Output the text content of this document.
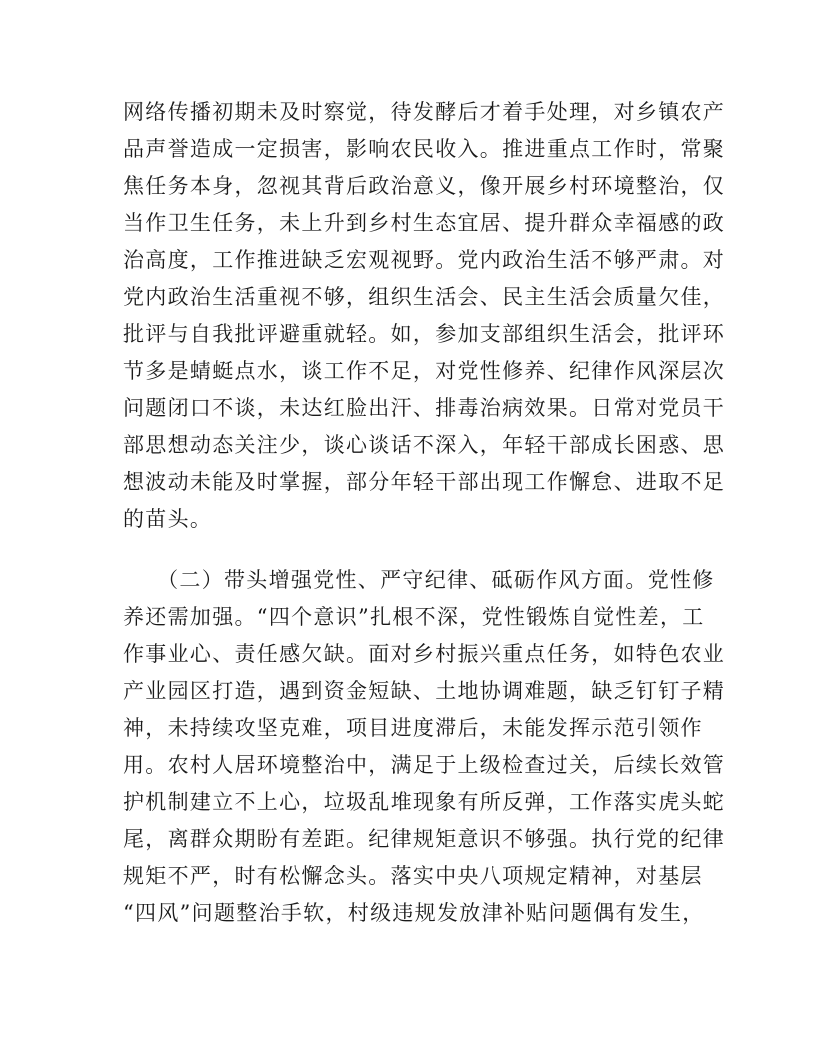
网络传播初期未及时察觉，待发酵后才着手处理，对乡镇农产
品声誉造成一定损害，影响农民收入。推进重点工作时，常聚
焦任务本身，忽视其背后政治意义，像开展乡村环境整治，仅
当作卫生任务，未上升到乡村生态宜居、提升群众幸福感的政
治高度，工作推进缺乏宏观视野。党内政治生活不够严肃。对
党内政治生活重视不够，组织生活会、民主生活会质量欠佳，
批评与自我批评避重就轻。如，参加支部组织生活会，批评环
节多是蜻蜓点水，谈工作不足，对党性修养、纪律作风深层次
问题闭口不谈，未达红脸出汗、排毒治病效果。日常对党员干
部思想动态关注少，谈心谈话不深入，年轻干部成长困惑、思
想波动未能及时掌握，部分年轻干部出现工作懈怠、进取不足
的苗头。
　　（二）带头增强党性、严守纪律、砥砺作风方面。党性修
养还需加强。“四个意识”扎根不深，党性锻炼自觉性差，工
作事业心、责任感欠缺。面对乡村振兴重点任务，如特色农业
产业园区打造，遇到资金短缺、土地协调难题，缺乏钉钉子精
神，未持续攻坚克难，项目进度滞后，未能发挥示范引领作
用。农村人居环境整治中，满足于上级检查过关，后续长效管
护机制建立不上心，垃圾乱堆现象有所反弹，工作落实虎头蛇
尾，离群众期盼有差距。纪律规矩意识不够强。执行党的纪律
规矩不严，时有松懈念头。落实中央八项规定精神，对基层
“四风”问题整治手软，村级违规发放津补贴问题偶有发生，
